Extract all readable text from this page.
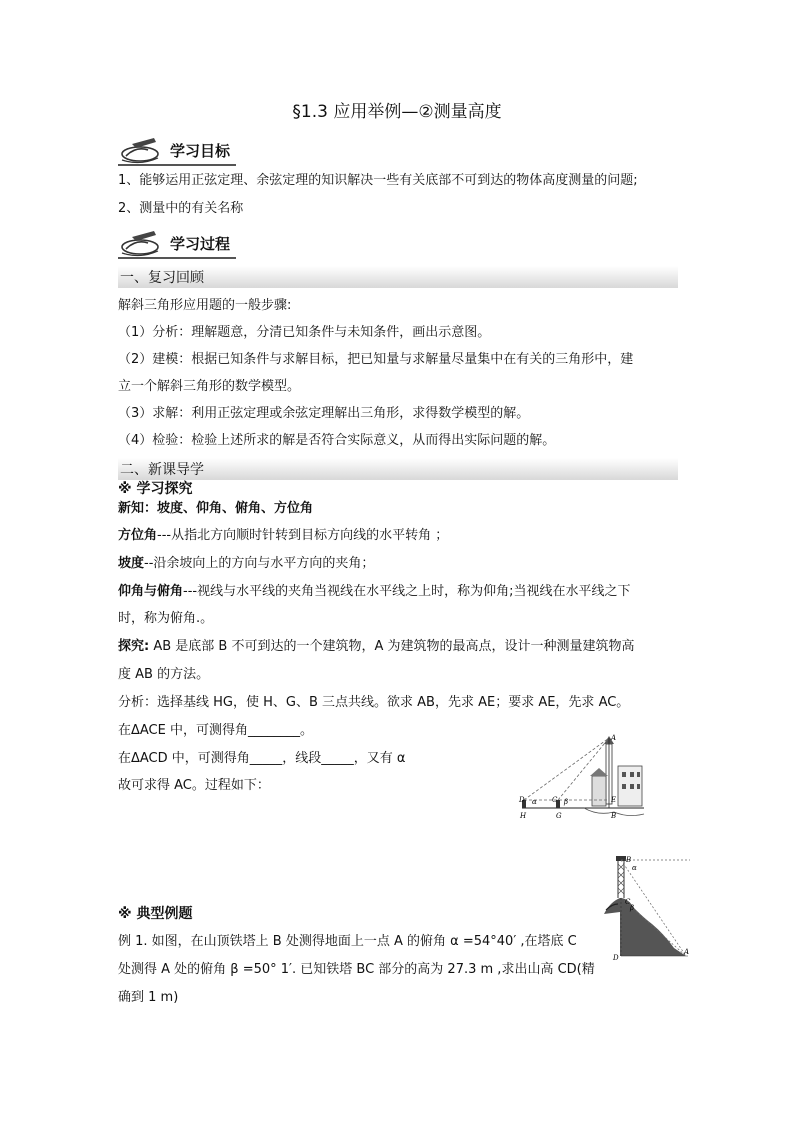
§1.3 应用举例—②测量高度
学习目标
1、能够运用正弦定理、余弦定理的知识解决一些有关底部不可到达的物体高度测量的问题;
2、测量中的有关名称
学习过程
一、复习回顾
解斜三角形应用题的一般步骤:
（1）分析：理解题意，分清已知条件与未知条件，画出示意图。
（2）建模：根据已知条件与求解目标，把已知量与求解量尽量集中在有关的三角形中，建
立一个解斜三角形的数学模型。
（3）求解：利用正弦定理或余弦定理解出三角形，求得数学模型的解。
（4）检验：检验上述所求的解是否符合实际意义，从而得出实际问题的解。
二、新课导学
※ 学习探究
新知：坡度、仰角、俯角、方位角
方位角---从指北方向顺时针转到目标方向线的水平转角 ；
坡度--沿余坡向上的方向与水平方向的夹角；
仰角与俯角---视线与水平线的夹角当视线在水平线之上时，称为仰角;当视线在水平线之下
时，称为俯角.。
探究: AB 是底部 B 不可到达的一个建筑物，A 为建筑物的最高点，设计一种测量建筑物高
度 AB 的方法。
分析：选择基线 HG，使 H、G、B 三点共线。欲求 AB，先求 AE；要求 AE，先求 AC。
在ΔACE 中，可测得角________。
在ΔACD 中，可测得角_____，线段_____，又有 α
故可求得 AC。过程如下：
A
D	C
α	β	E
H	G	B
B
α
C
β
D
A
※ 典型例题
例 1. 如图，在山顶铁塔上 B 处测得地面上一点 A 的俯角 α =54°40′ ,在塔底 C
处测得 A 处的俯角 β =50° 1′. 已知铁塔 BC 部分的高为 27.3 m ,求出山高 CD(精
确到 1 m)
